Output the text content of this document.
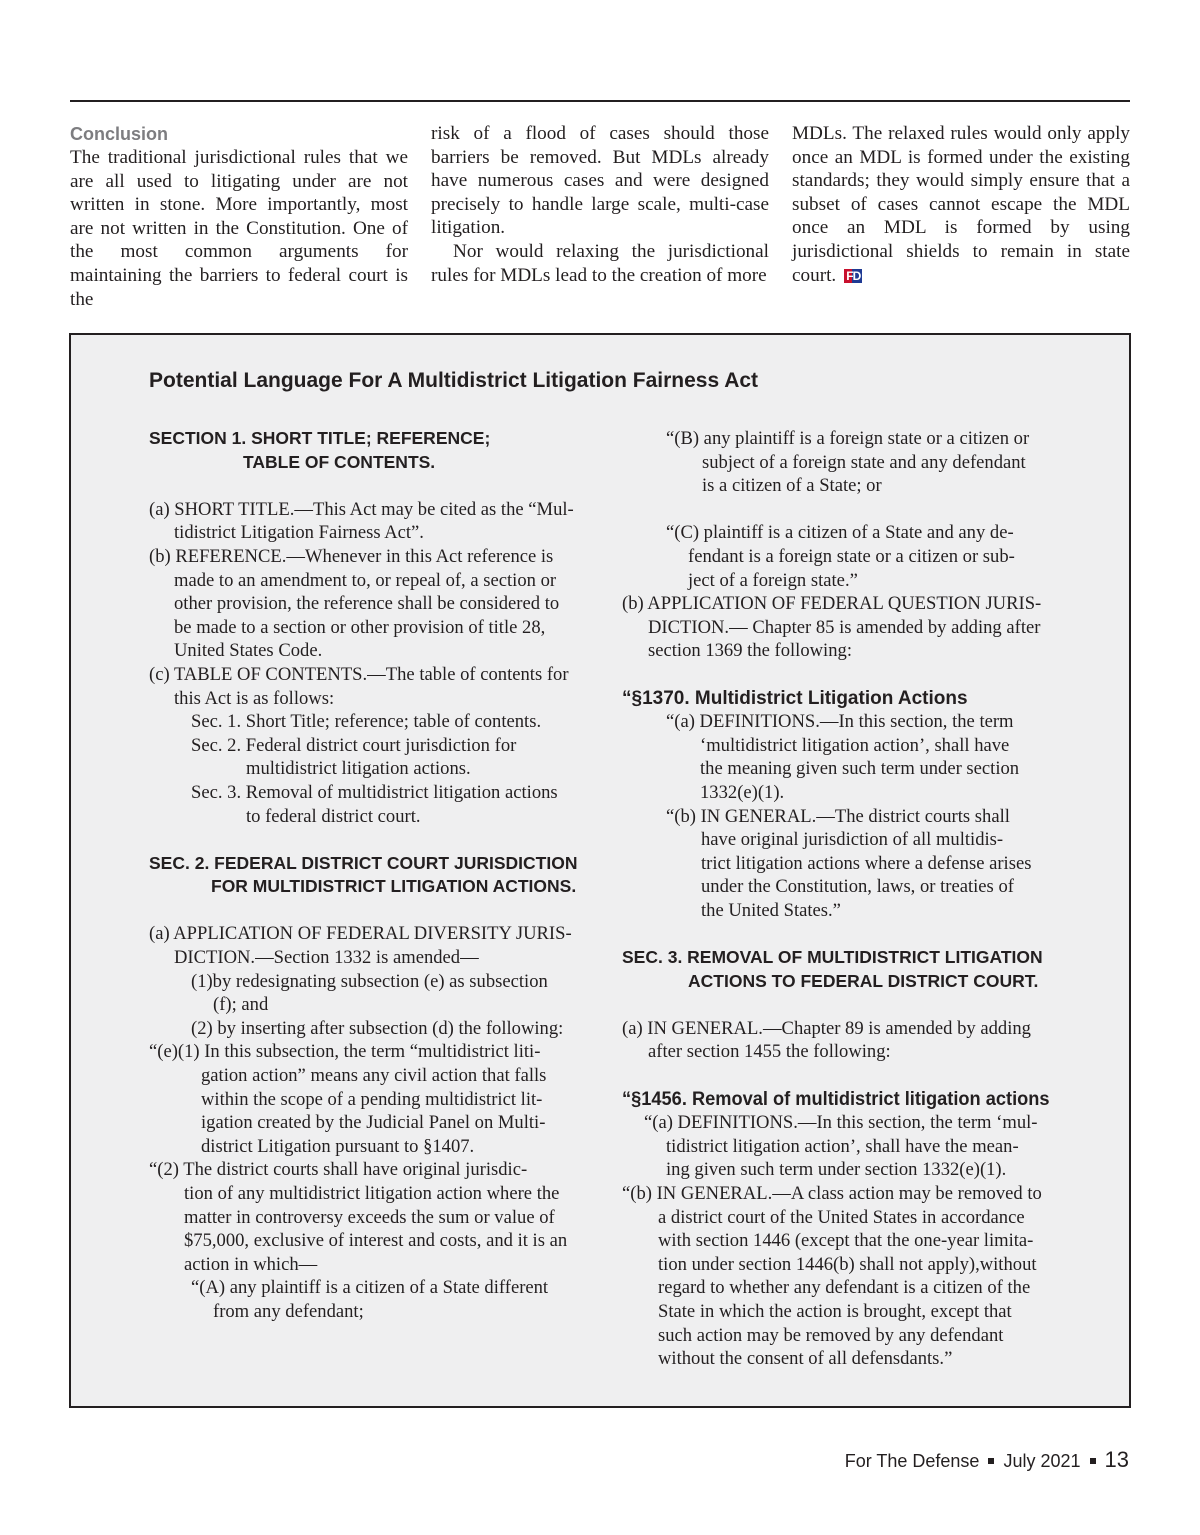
Conclusion

The traditional jurisdictional rules that we are all used to litigating under are not written in stone. More importantly, most are not written in the Constitution. One of the most common arguments for maintaining the barriers to federal court is the

risk of a flood of cases should those barriers be removed. But MDLs already have numerous cases and were designed precisely to handle large scale, multi-case litigation.

Nor would relaxing the jurisdictional rules for MDLs lead to the creation of more

MDLs. The relaxed rules would only apply once an MDL is formed under the existing standards; they would simply ensure that a subset of cases cannot escape the MDL once an MDL is formed by using jurisdictional shields to remain in state court. FD

Potential Language For A Multidistrict Litigation Fairness Act
SECTION 1. SHORT TITLE; REFERENCE;
TABLE OF CONTENTS.
(a) SHORT TITLE.—This Act may be cited as the “Mul-
tidistrict Litigation Fairness Act”.
(b) REFERENCE.—Whenever in this Act reference is
made to an amendment to, or repeal of, a section or
other provision, the reference shall be considered to
be made to a section or other provision of title 28,
United States Code.
(c) TABLE OF CONTENTS.—The table of contents for
this Act is as follows:
Sec. 1. Short Title; reference; table of contents.
Sec. 2. Federal district court jurisdiction for
multidistrict litigation actions.
Sec. 3. Removal of multidistrict litigation actions
to federal district court.
SEC. 2. FEDERAL DISTRICT COURT JURISDICTION
FOR MULTIDISTRICT LITIGATION ACTIONS.
(a) APPLICATION OF FEDERAL DIVERSITY JURIS-
DICTION.—Section 1332 is amended—
(1)by redesignating subsection (e) as subsection
(f); and
(2) by inserting after subsection (d) the following:
“(e)(1) In this subsection, the term “multidistrict liti-
gation action” means any civil action that falls
within the scope of a pending multidistrict lit-
igation created by the Judicial Panel on Multi-
district Litigation pursuant to §1407.
“(2) The district courts shall have original jurisdic-
tion of any multidistrict litigation action where the
matter in controversy exceeds the sum or value of
$75,000, exclusive of interest and costs, and it is an
action in which—
“(A) any plaintiff is a citizen of a State different
from any defendant;
“(B) any plaintiff is a foreign state or a citizen or
subject of a foreign state and any defendant
is a citizen of a State; or
“(C) plaintiff is a citizen of a State and any de-
fendant is a foreign state or a citizen or sub-
ject of a foreign state.”
(b) APPLICATION OF FEDERAL QUESTION JURIS-
DICTION.— Chapter 85 is amended by adding after
section 1369 the following:
“§1370. Multidistrict Litigation Actions
“(a) DEFINITIONS.—In this section, the term
‘multidistrict litigation action’, shall have
the meaning given such term under section
1332(e)(1).
“(b) IN GENERAL.—The district courts shall
have original jurisdiction of all multidis-
trict litigation actions where a defense arises
under the Constitution, laws, or treaties of
the United States.”
SEC. 3. REMOVAL OF MULTIDISTRICT LITIGATION
ACTIONS TO FEDERAL DISTRICT COURT.
(a) IN GENERAL.—Chapter 89 is amended by adding
after section 1455 the following:
“§1456. Removal of multidistrict litigation actions
“(a) DEFINITIONS.—In this section, the term ‘mul-
tidistrict litigation action’, shall have the mean-
ing given such term under section 1332(e)(1).
“(b) IN GENERAL.—A class action may be removed to
a district court of the United States in accordance
with section 1446 (except that the one-year limita-
tion under section 1446(b) shall not apply),without
regard to whether any defendant is a citizen of the
State in which the action is brought, except that
such action may be removed by any defendant
without the consent of all defensdants.”
For The Defense July 2021 13
